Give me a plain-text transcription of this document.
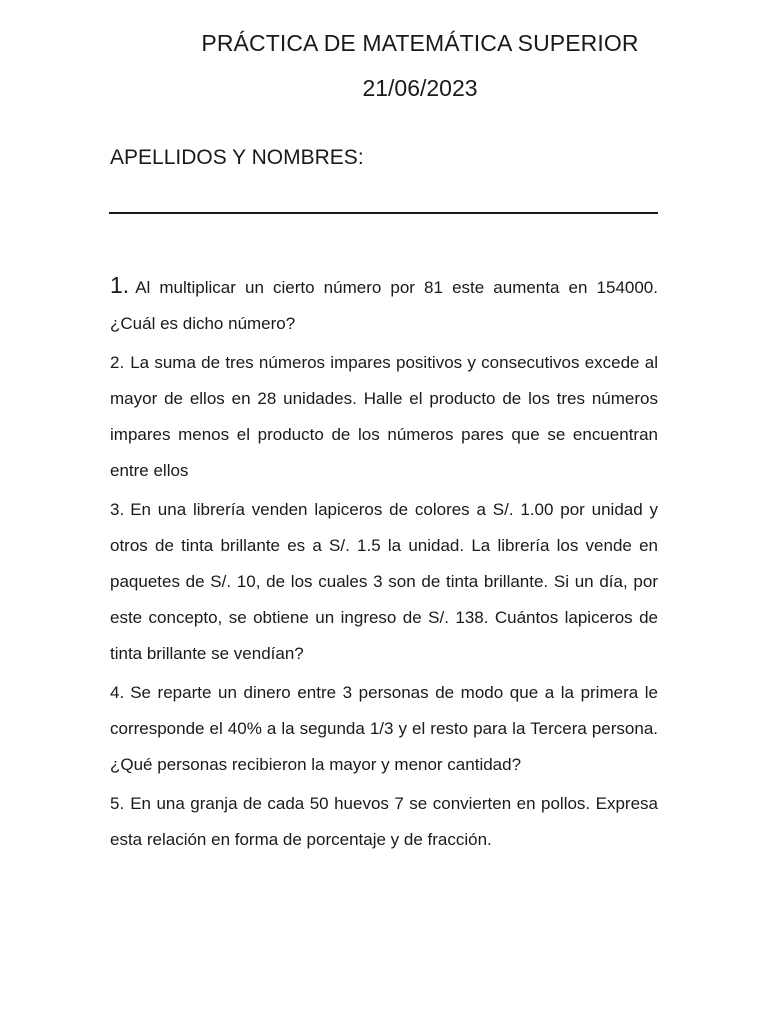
PRÁCTICA DE MATEMÁTICA SUPERIOR
21/06/2023
APELLIDOS Y NOMBRES:

1. Al multiplicar un cierto número por 81 este aumenta en 154000. ¿Cuál es dicho número?

2. La suma de tres números impares positivos y consecutivos excede al mayor de ellos en 28 unidades. Halle el producto de los tres números impares menos el producto de los números pares que se encuentran entre ellos

3. En una librería venden lapiceros de colores a S/. 1.00 por unidad y otros de tinta brillante es a S/. 1.5 la unidad. La librería los vende en paquetes de S/. 10, de los cuales 3 son de tinta brillante. Si un día, por este concepto, se obtiene un ingreso de S/. 138. Cuántos lapiceros de tinta brillante se vendían?

4. Se reparte un dinero entre 3 personas de modo que a la primera le corresponde el 40% a la segunda 1/3 y el resto para la Tercera persona. ¿Qué personas recibieron la mayor y menor cantidad?

5. En una granja de cada 50 huevos 7 se convierten en pollos. Expresa esta relación en forma de porcentaje y de fracción.
